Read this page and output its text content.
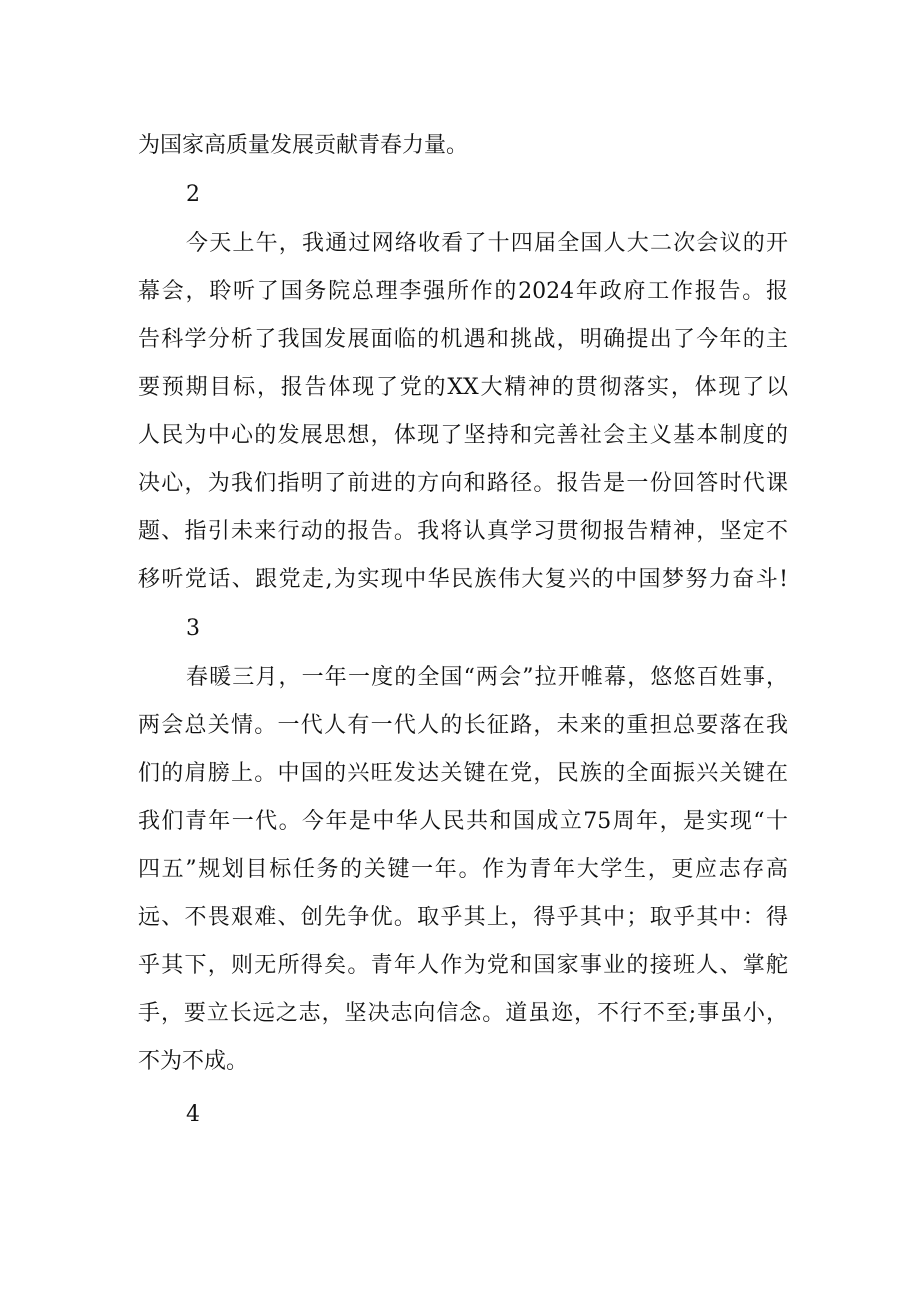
为国家高质量发展贡献青春力量。
2
今天上午，我通过网络收看了十四届全国人大二次会议的开
幕会，聆听了国务院总理李强所作的2024年政府工作报告。报
告科学分析了我国发展面临的机遇和挑战，明确提出了今年的主
要预期目标，报告体现了党的XX大精神的贯彻落实，体现了以
人民为中心的发展思想，体现了坚持和完善社会主义基本制度的
决心，为我们指明了前进的方向和路径。报告是一份回答时代课
题、指引未来行动的报告。我将认真学习贯彻报告精神，坚定不
移听党话、跟党走,为实现中华民族伟大复兴的中国梦努力奋斗!
3
春暖三月，一年一度的全国“两会”拉开帷幕，悠悠百姓事，
两会总关情。一代人有一代人的长征路，未来的重担总要落在我
们的肩膀上。中国的兴旺发达关键在党，民族的全面振兴关键在
我们青年一代。今年是中华人民共和国成立75周年，是实现“十
四五”规划目标任务的关键一年。作为青年大学生，更应志存高
远、不畏艰难、创先争优。取乎其上，得乎其中；取乎其中：得
乎其下，则无所得矣。青年人作为党和国家事业的接班人、掌舵
手，要立长远之志，坚决志向信念。道虽迩，不行不至;事虽小，
不为不成。
4
